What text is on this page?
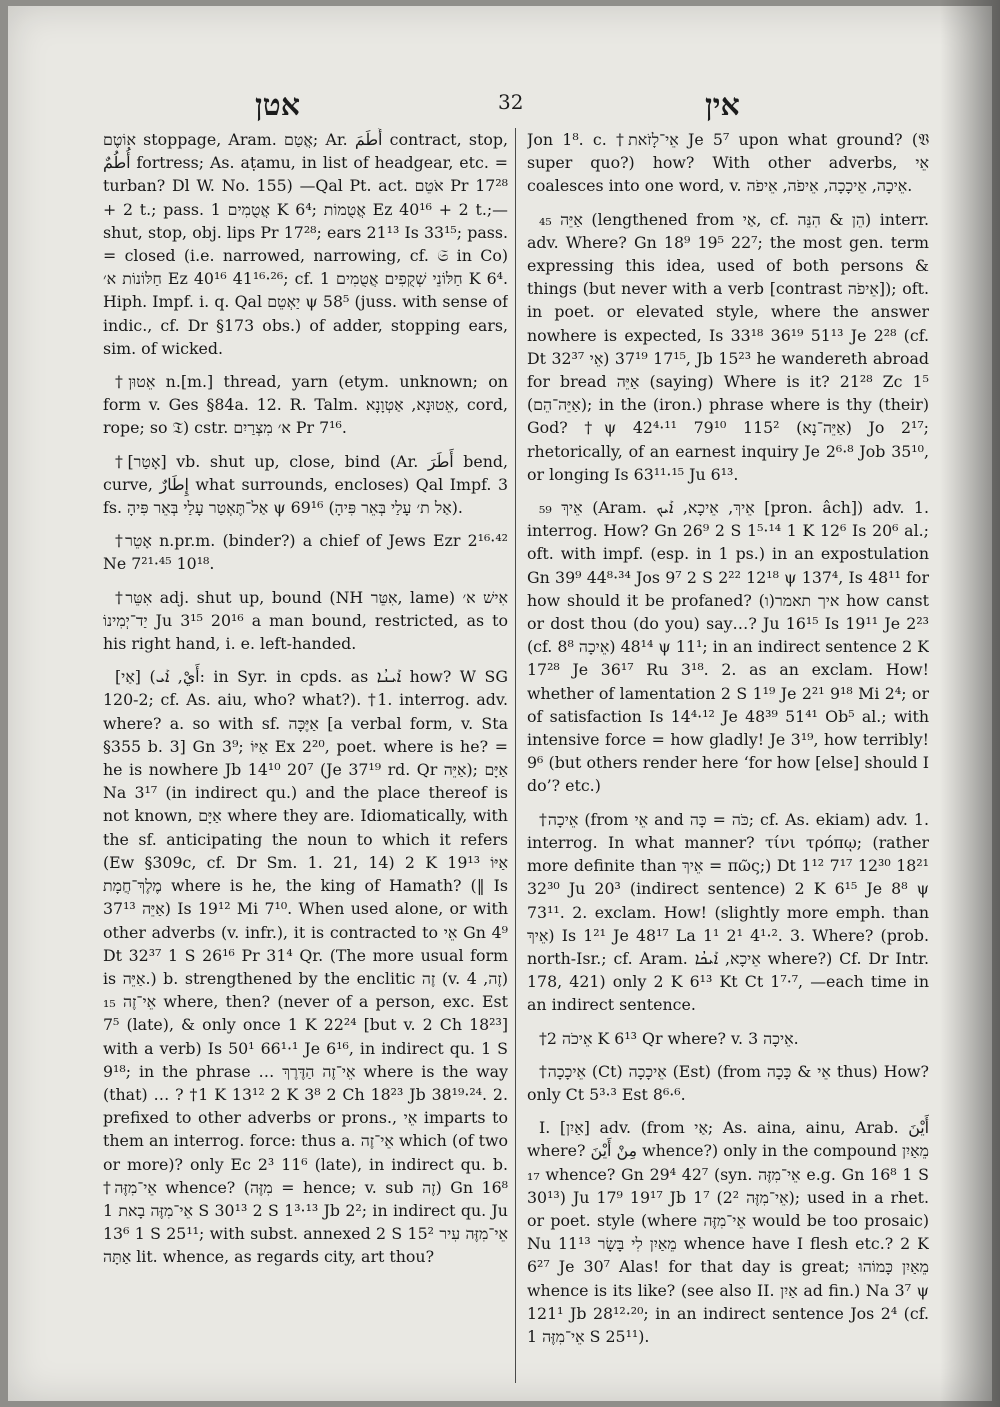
אטן	32	אין

אוֹטֶם stoppage, Aram. אֲטַם; Ar. أَطَمَ contract, stop, أُطُمٌ fortress; As. aṭamu, in list of headgear, etc. = turban? Dl W. No. 155) —Qal Pt. act. אֹטֵם Pr 17²⁸ + 2 t.; pass. אֲטֻמִים 1 K 6⁴; אֲטֻמוֹת Ez 40¹⁶ + 2 t.;—shut, stop, obj. lips Pr 17²⁸; ears 21¹³ Is 33¹⁵; pass. = closed (i.e. narrowed, narrowing, cf. 𝔖 in Co) חַלּוֹנוֹת א׳ Ez 40¹⁶ 41¹⁶·²⁶; cf. חַלּוֹנֵי שְׁקֻפִים אֲטֻמִים 1 K 6⁴. Hiph. Impf. i. q. Qal יַאְטֵם ψ 58⁵ (juss. with sense of indic., cf. Dr §173 obs.) of adder, stopping ears, sim. of wicked.

†אֵטוּן n.[m.] thread, yarn (etym. unknown; on form v. Ges §84a. 12. R. Talm. אֵטוּנָא, אַטְוָנָא, cord, rope; so 𝔗) cstr. א׳ מִצְרַיִם Pr 7¹⁶.

†[אָטַר] vb. shut up, close, bind (Ar. أَطَرَ bend, curve, إِطَارٌ what surrounds, encloses) Qal Impf. 3 fs. אַל־תֶּאְטַר עָלַי בְּאֵר פִּיהָ ψ 69¹⁶ (אַל ת׳ עָלַי בְּאֵר פִּיהָ).

†אָטֵר n.pr.m. (binder?) a chief of Jews Ezr 2¹⁶·⁴² Ne 7²¹·⁴⁵ 10¹⁸.

†אִטֵּר adj. shut up, bound (NH אִטֵּר, lame) אִישׁ א׳ יַד־יְמִינוֹ Ju 3¹⁵ 20¹⁶ a man bound, restricted, as to his right hand, i. e. left-handed.

[אַי] (أَيْ, ܐܰܝ: in Syr. in cpds. as ܐܰܝܢܳܐ how? W SG 120-2; cf. As. aiu, who? what?). †1. interrog. adv. where? a. so with sf. אַיֶּכָּה [a verbal form, v. Sta §355 b. 3] Gn 3⁹; אַיּוֹ Ex 2²⁰, poet. where is he? = he is nowhere Jb 14¹⁰ 20⁷ (Je 37¹⁹ rd. Qr אַיֵּה); אַיָּם Na 3¹⁷ (in indirect qu.) and the place thereof is not known, אַיָּם where they are. Idiomatically, with the sf. anticipating the noun to which it refers (Ew §309c, cf. Dr Sm. 1. 21, 14) 2 K 19¹³ אַיּוֹ מֶלֶךְ־חֲמָת where is he, the king of Hamath? (‖ Is 37¹³ אַיֵּה) Is 19¹² Mi 7¹⁰. When used alone, or with other adverbs (v. infr.), it is contracted to אֵי Gn 4⁹ Dt 32³⁷ 1 S 26¹⁶ Pr 31⁴ Qr. (The more usual form is אַיֵּה.) b. strengthened by the enclitic זֶה (v. זֶה, 4) אֵי־זֶה ₁₅ where, then? (never of a person, exc. Est 7⁵ (late), & only once 1 K 22²⁴ [but v. 2 Ch 18²³] with a verb) Is 50¹ 66¹·¹ Je 6¹⁶, in indirect qu. 1 S 9¹⁸; in the phrase … אֵי־זֶה הַדֶּרֶךְ where is the way (that) … ? †1 K 13¹² 2 K 3⁸ 2 Ch 18²³ Jb 38¹⁹·²⁴. 2. prefixed to other adverbs or prons., אֵי imparts to them an interrog. force: thus a. אֵי־זֶה which (of two or more)? only Ec 2³ 11⁶ (late), in indirect qu. b. †אֵי־מִזֶּה whence? (מִזֶּה = hence; v. sub זֶה) Gn 16⁸ אֵי־מִזֶּה בָאת 1 S 30¹³ 2 S 1³·¹³ Jb 2²; in indirect qu. Ju 13⁶ 1 S 25¹¹; with subst. annexed 2 S 15² אֵי־מִזֶּה עִיר אַתָּה lit. whence, as regards city, art thou?

Jon 1⁸. c. †אֵי־לָזֹאת Je 5⁷ upon what ground? (𝔙 super quo?) how? With other adverbs, אֵי coalesces into one word, v. אֵיכָה, אֵיכָכָה, אֵיפֹה, אֵיפֹה.

אַיֵּה ₄₅ (lengthened from אַי, cf. הֵן & הִנֵּה) interr. adv. Where? Gn 18⁹ 19⁵ 22⁷; the most gen. term expressing this idea, used of both persons & things (but never with a verb [contrast אֵיפֹה]); oft. in poet. or elevated style, where the answer nowhere is expected, Is 33¹⁸ 36¹⁹ 51¹³ Je 2²⁸ (cf. Dt 32³⁷ אֵי) 17¹⁵ 37¹⁹, Jb 15²³ he wandereth abroad for bread אַיֵּה (saying) Where is it? 21²⁸ Zc 1⁵ (אַיֵּה־הֵם); in the (iron.) phrase where is thy (their) God? †ψ 42⁴·¹¹ 79¹⁰ 115² (אַיֵּה־נָא) Jo 2¹⁷; rhetorically, of an earnest inquiry Je 2⁶·⁸ Job 35¹⁰, or longing Is 63¹¹·¹⁵ Ju 6¹³.

אֵיךְ ₅₉ (Aram. אֵיךְ, אֵיכָא, ܐܰܝܟ [pron. âch]) adv. 1. interrog. How? Gn 26⁹ 2 S 1⁵·¹⁴ 1 K 12⁶ Is 20⁶ al.; oft. with impf. (esp. in 1 ps.) in an expostulation Gn 39⁹ 44⁸·³⁴ Jos 9⁷ 2 S 2²² 12¹⁸ ψ 137⁴, Is 48¹¹ for how should it be profaned? איך תאמר(ו) how canst or dost thou (do you) say…? Ju 16¹⁵ Is 19¹¹ Je 2²³ (cf. 8⁸ אֵיכָה) 48¹⁴ ψ 11¹; in an indirect sentence 2 K 17²⁸ Je 36¹⁷ Ru 3¹⁸. 2. as an exclam. How! whether of lamentation 2 S 1¹⁹ Je 2²¹ 9¹⁸ Mi 2⁴; or of satisfaction Is 14⁴·¹² Je 48³⁹ 51⁴¹ Ob⁵ al.; with intensive force = how gladly! Je 3¹⁹, how terribly! 9⁶ (but others render here ‘for how [else] should I do’? etc.)

†אֵיכָה (from אֵי and כֹּה = כָּה; cf. As. ekiam) adv. 1. interrog. In what manner? τίνι τρόπῳ; (rather more definite than אֵיךְ = πῶς;) Dt 1¹² 7¹⁷ 12³⁰ 18²¹ 32³⁰ Ju 20³ (indirect sentence) 2 K 6¹⁵ Je 8⁸ ψ 73¹¹. 2. exclam. How! (slightly more emph. than אֵיךְ) Is 1²¹ Je 48¹⁷ La 1¹ 2¹ 4¹·². 3. Where? (prob. north-Isr.; cf. Aram. אֵיכָא, ܐܰܝܟܳܐ where?) Cf. Dr Intr. 178, 421) only 2 K 6¹³ Kt Ct 1⁷·⁷, —each time in an indirect sentence.

†אֵיכֹה 2 K 6¹³ Qr where? v. אֵיכָה 3.

†אֵיכָכָה (Ct) אֵיכָכָה (Est) (from אֵי & כָּכָה thus) How? only Ct 5³·³ Est 8⁶·⁶.

I. [אַיִן] adv. (from אַי; As. aina, ainu, Arab. أَيْنَ where? مِنْ أَيْنَ whence?) only in the compound מֵאַיִן ₁₇ whence? Gn 29⁴ 42⁷ (syn. אֵי־מִזֶּה e.g. Gn 16⁸ 1 S 30¹³) Ju 17⁹ 19¹⁷ Jb 1⁷ (2² אֵי־מִזֶּה); used in a rhet. or poet. style (where אֵי־מִזֶּה would be too prosaic) Nu 11¹³ מֵאַיִן לִי בָּשָׂר whence have I flesh etc.? 2 K 6²⁷ Je 30⁷ Alas! for that day is great; מֵאַיִן כָּמוֹהוּ whence is its like? (see also II. אַיִן ad fin.) Na 3⁷ ψ 121¹ Jb 28¹²·²⁰; in an indirect sentence Jos 2⁴ (cf. אֵי־מִזֶּה 1 S 25¹¹).
